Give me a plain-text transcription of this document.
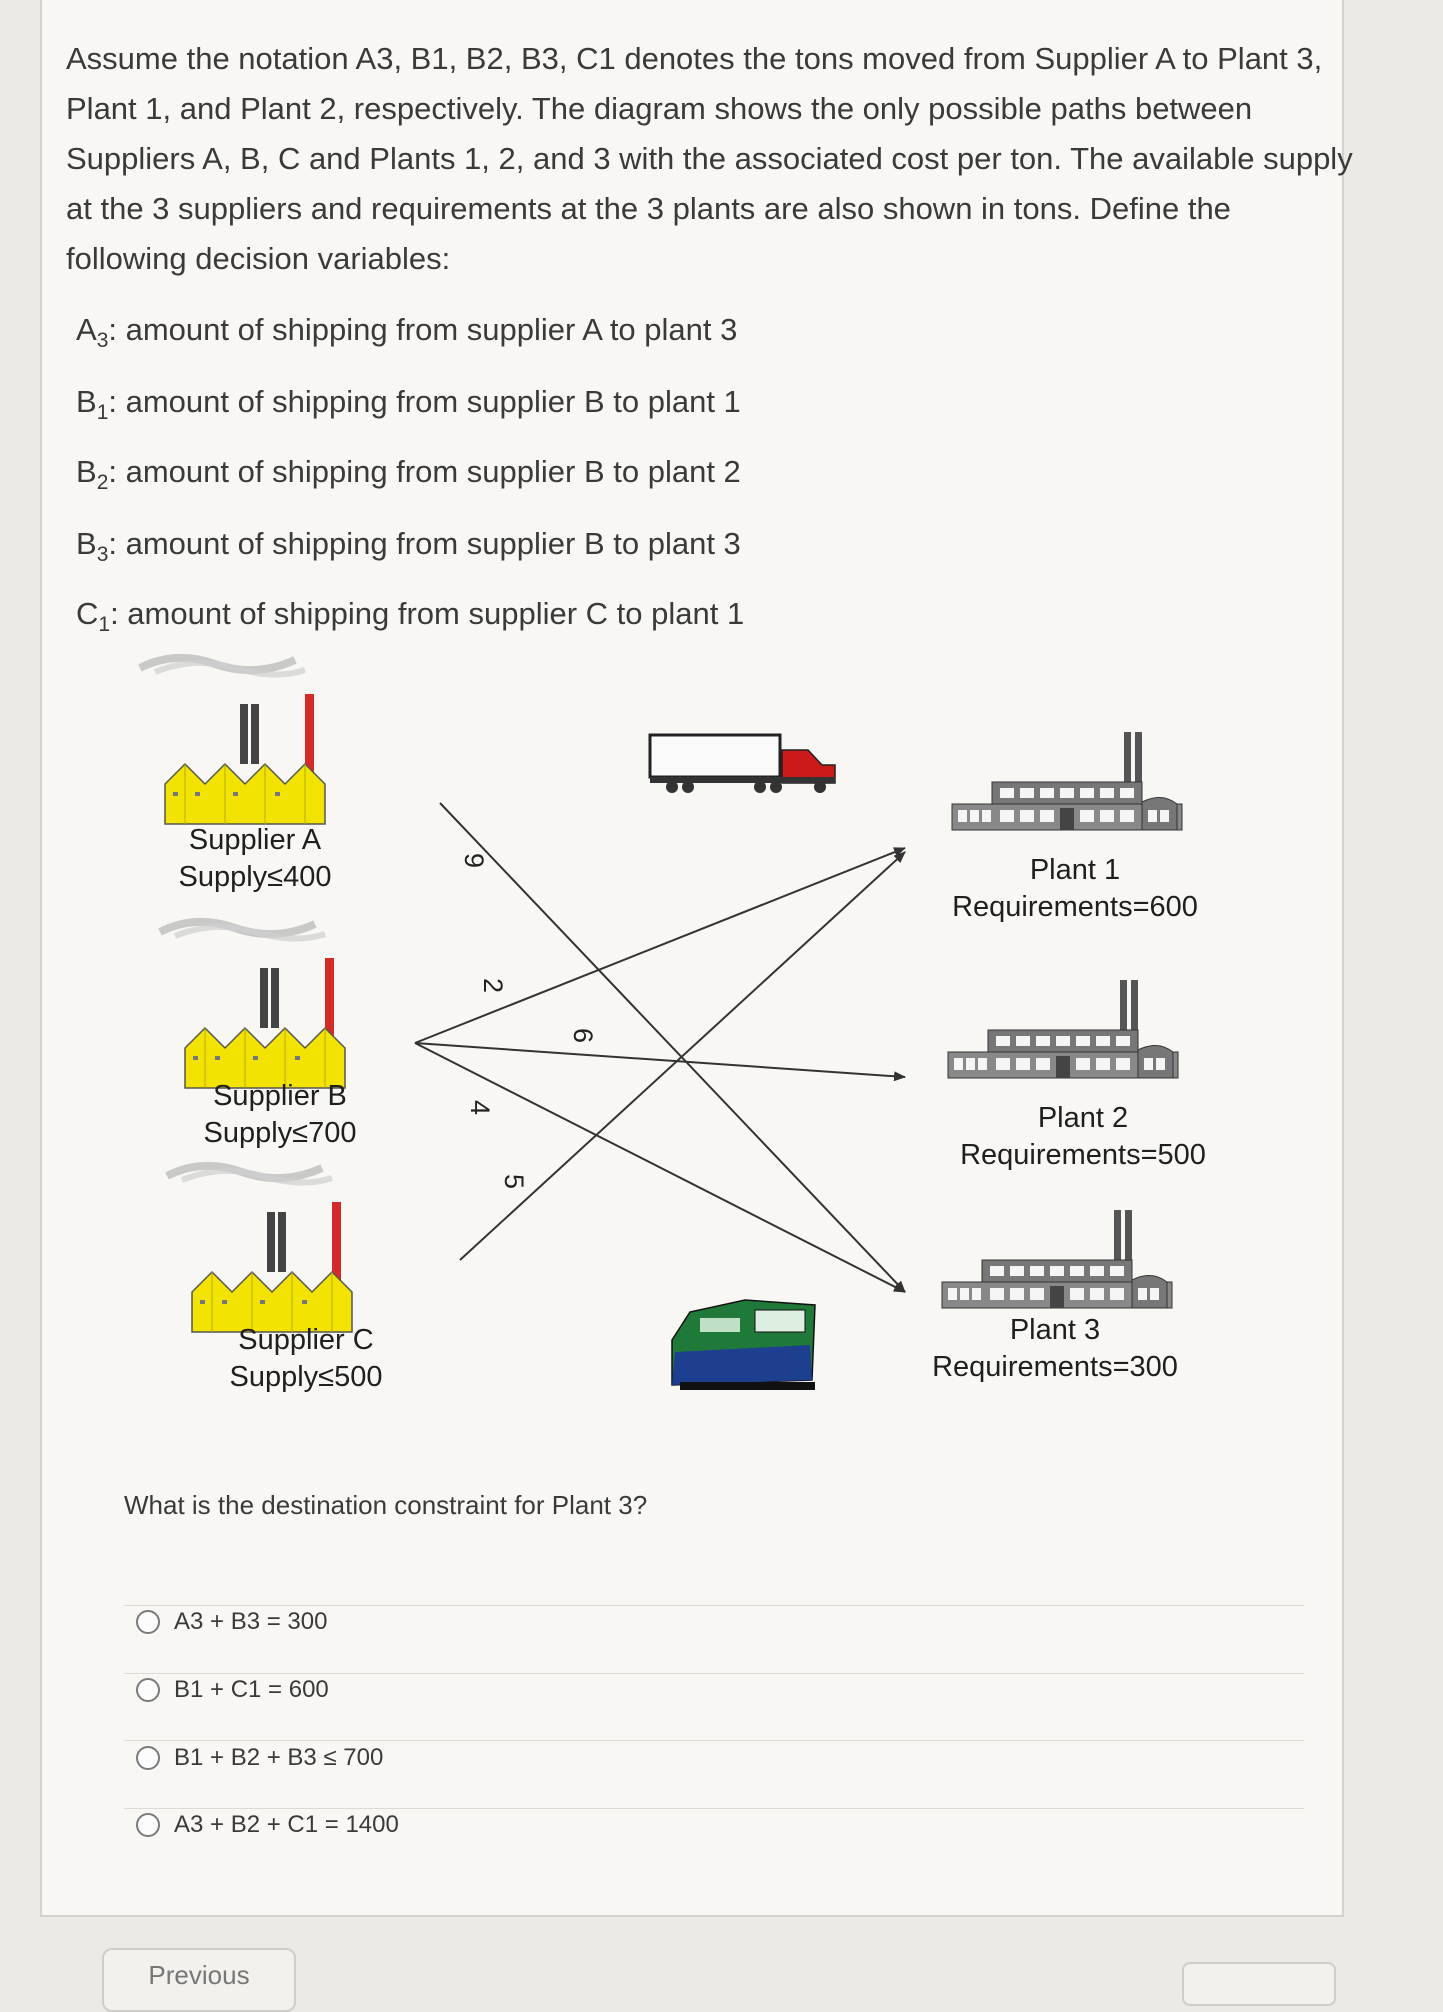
Assume the notation A3, B1, B2, B3, C1 denotes the tons moved from Supplier A to Plant 3,
Plant 1, and Plant 2, respectively. The diagram shows the only possible paths between
Suppliers A, B, C and Plants 1, 2, and 3 with the associated cost per ton. The available supply
at the 3 suppliers and requirements at the 3 plants are also shown in tons. Define the
following decision variables:
$A_3$: amount of shipping from supplier A to plant 3
$B_1$: amount of shipping from supplier B to plant 1
$B_2$: amount of shipping from supplier B to plant 2
$B_3$: amount of shipping from supplier B to plant 3
$C_1$: amount of shipping from supplier C to plant 1
9
2
6
4
5
Supplier A
Supply≤400
Supplier B
Supply≤700
Supplier C
Supply≤500
Plant 1
Requirements=600
Plant 2
Requirements=500
Plant 3
Requirements=300
What is the destination constraint for Plant 3?
A3 + B3 = 300
B1 + C1 = 600
B1 + B2 + B3 ≤ 700
A3 + B2 + C1 = 1400
Previous
